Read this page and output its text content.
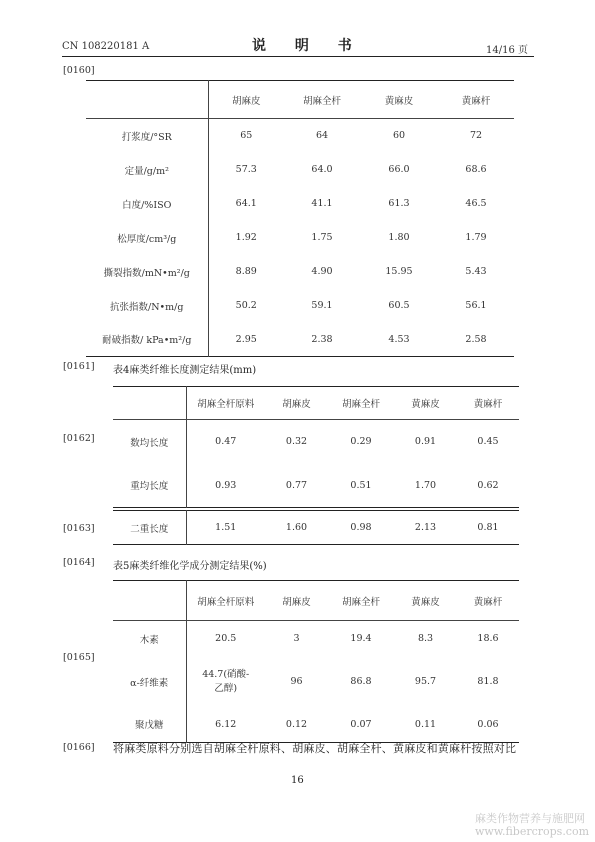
CN 108220181 A	说 明 书	14/16 页
[0160]
[0161]
[0162]
[0163]
[0164]
[0165]
[0166]
	胡麻皮	胡麻全杆	黄麻皮	黄麻杆
打浆度/°SR	65	64	60	72
定量/g/m²	57.3	64.0	66.0	68.6
白度/%ISO	64.1	41.1	61.3	46.5
松厚度/cm³/g	1.92	1.75	1.80	1.79
撕裂指数/mN•m²/g	8.89	4.90	15.95	5.43
抗张指数/N•m/g	50.2	59.1	60.5	56.1
耐破指数/ kPa•m²/g	2.95	2.38	4.53	2.58
表4麻类纤维长度测定结果(mm)
	胡麻全杆原料	胡麻皮	胡麻全杆	黄麻皮	黄麻杆
数均长度	0.47	0.32	0.29	0.91	0.45
重均长度	0.93	0.77	0.51	1.70	0.62
二重长度	1.51	1.60	0.98	2.13	0.81
表5麻类纤维化学成分测定结果(%)
	胡麻全杆原料	胡麻皮	胡麻全杆	黄麻皮	黄麻杆
木素	20.5	3	19.4	8.3	18.6
α-纤维素	44.7(硝酸-乙醇)	96	86.8	95.7	81.8
聚戊糖	6.12	0.12	0.07	0.11	0.06
将麻类原料分别选自胡麻全杆原料、胡麻皮、胡麻全杆、黄麻皮和黄麻杆按照对比
16
麻类作物营养与施肥网
www.fibercrops.com
